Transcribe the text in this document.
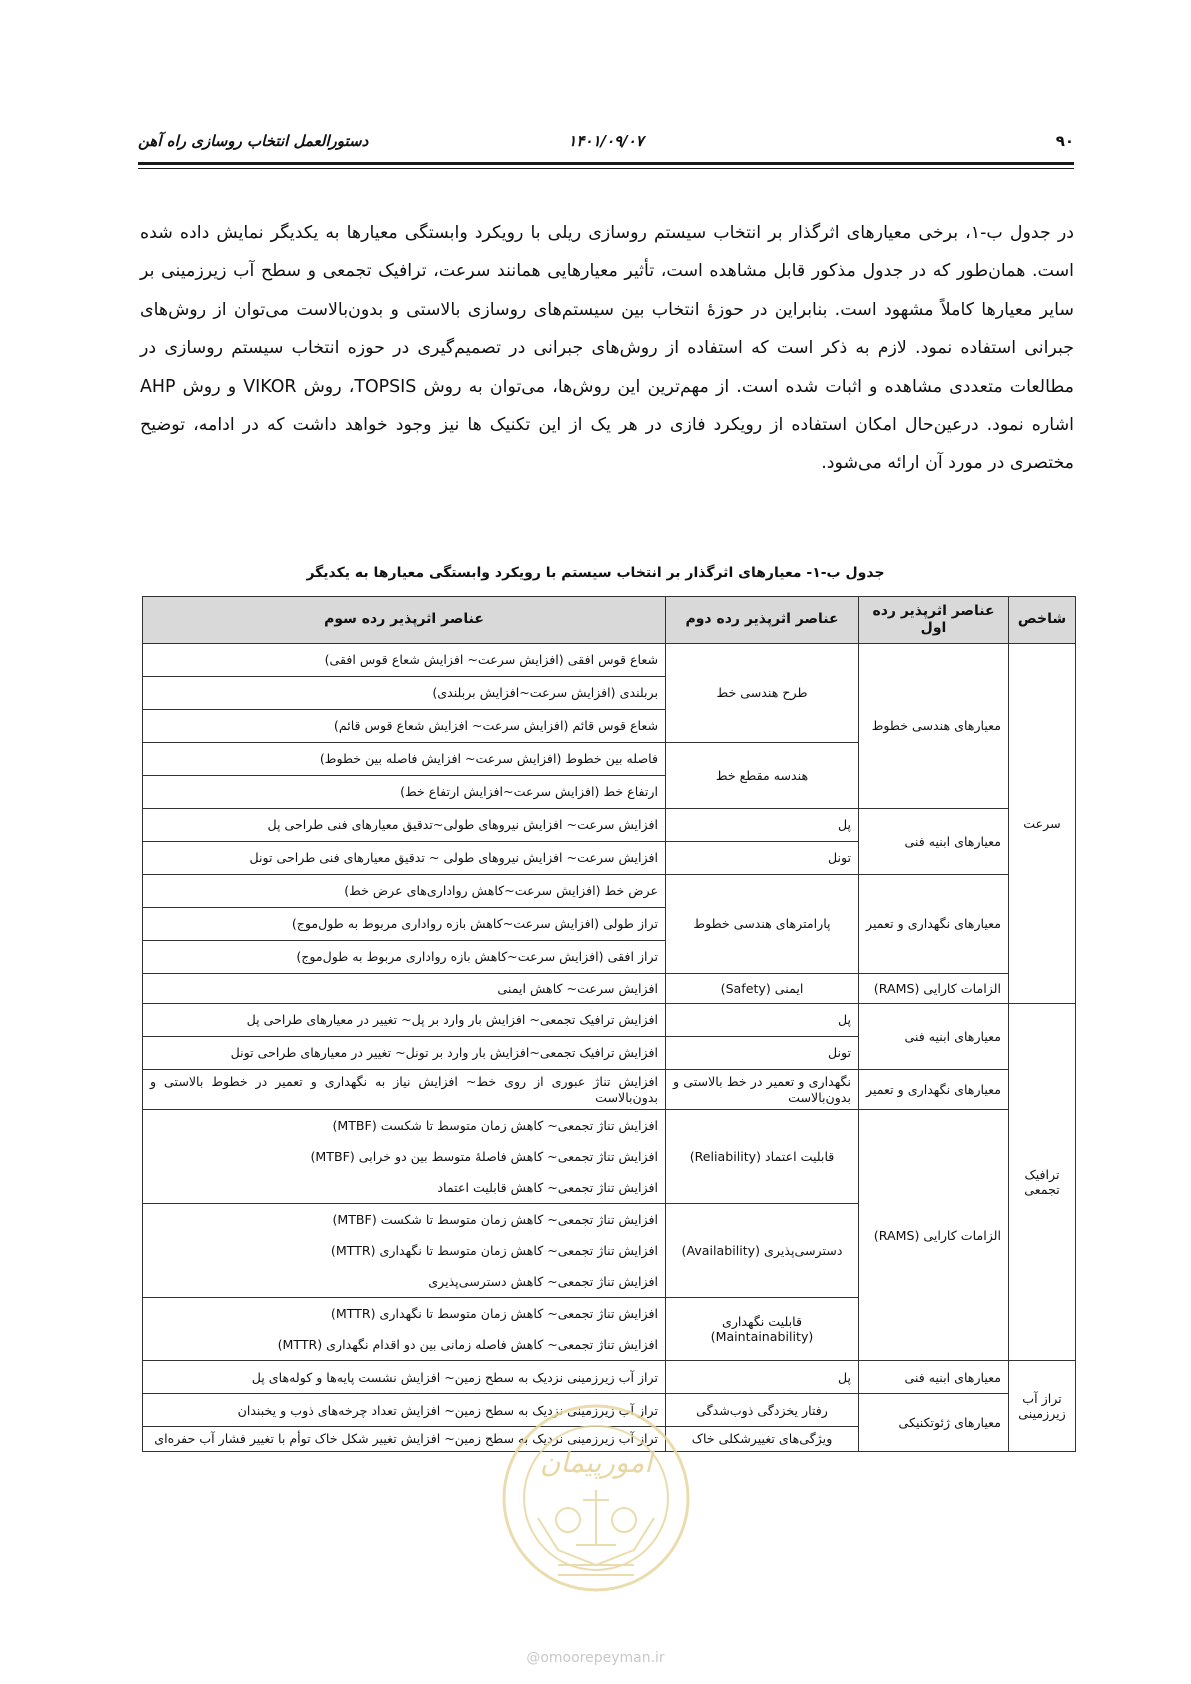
۹۰
۱۴۰۱/۰۹/۰۷
دستورالعمل انتخاب روسازی راه آهن

در جدول ب-۱، برخی معیارهای اثرگذار بر انتخاب سیستم روسازی ریلی با رویکرد وابستگی معیارها به یکدیگر نمایش داده شده است. همان‌طور که در جدول مذکور قابل مشاهده است، تأثیر معیارهایی همانند سرعت، ترافیک تجمعی و سطح آب زیرزمینی بر سایر معیارها کاملاً مشهود است. بنابراین در حوزهٔ انتخاب بین سیستم‌های روسازی بالاستی و بدون‌بالاست می‌توان از روش‌های جبرانی استفاده نمود. لازم به ذکر است که استفاده از روش‌های جبرانی در تصمیم‌گیری در حوزه انتخاب سیستم روسازی در مطالعات متعددی مشاهده و اثبات شده است. از مهم‌ترین این روش‌ها، می‌توان به روش TOPSIS، روش VIKOR و روش AHP اشاره نمود. درعین‌حال امکان استفاده از رویکرد فازی در هر یک از این تکنیک ها نیز وجود خواهد داشت که در ادامه، توضیح مختصری در مورد آن ارائه می‌شود.

جدول ب-۱- معیارهای اثرگذار بر انتخاب سیستم با رویکرد وابستگی معیارها به یکدیگر
شاخص	عناصر اثرپذیر رده اول	عناصر اثرپذیر رده دوم	عناصر اثرپذیر رده سوم
سرعت	معیارهای هندسی خطوط	طرح هندسی خط	شعاع قوس افقی (افزایش سرعت~ افزایش شعاع قوس افقی)
			بربلندی (افزایش سرعت~افزایش بربلندی)
			شعاع قوس قائم (افزایش سرعت~ افزایش شعاع قوس قائم)
		هندسه مقطع خط	فاصله بین خطوط (افزایش سرعت~ افزایش فاصله بین خطوط)
			ارتفاع خط (افزایش سرعت~افزایش ارتفاع خط)
	معیارهای ابنیه فنی	پل	افزایش سرعت~ افزایش نیروهای طولی~تدقیق معیارهای فنی طراحی پل
		تونل	افزایش سرعت~ افزایش نیروهای طولی ~ تدقیق معیارهای فنی طراحی تونل
	معیارهای نگهداری و تعمیر	پارامترهای هندسی خطوط	عرض خط (افزایش سرعت~کاهش رواداری‌های عرض خط)
			تراز طولی (افزایش سرعت~کاهش بازه رواداری مربوط به طول‌موج)
			تراز افقی (افزایش سرعت~کاهش بازه رواداری مربوط به طول‌موج)
	الزامات کارایی (RAMS)	ایمنی (Safety)	افزایش سرعت~ کاهش ایمنی
ترافیک تجمعی	معیارهای ابنیه فنی	پل	افزایش ترافیک تجمعی~ افزایش بار وارد بر پل~ تغییر در معیارهای طراحی پل
		تونل	افزایش ترافیک تجمعی~افزایش بار وارد بر تونل~ تغییر در معیارهای طراحی تونل
	معیارهای نگهداری و تعمیر	نگهداری و تعمیر در خط بالاستی و بدون‌بالاست	افزایش تناژ عبوری از روی خط~ افزایش نیاز به نگهداری و تعمیر در خطوط بالاستی و بدون‌بالاست
	الزامات کارایی (RAMS)	قابلیت اعتماد (Reliability)	افزایش تناژ تجمعی~ کاهش زمان متوسط تا شکست (MTBF)
			افزایش تناژ تجمعی~ کاهش فاصلهٔ متوسط بین دو خرابی (MTBF)
			افزایش تناژ تجمعی~ کاهش قابلیت اعتماد
		دسترسی‌پذیری (Availability)	افزایش تناژ تجمعی~ کاهش زمان متوسط تا شکست (MTBF)
			افزایش تناژ تجمعی~ کاهش زمان متوسط تا نگهداری (MTTR)
			افزایش تناژ تجمعی~ کاهش دسترسی‌پذیری
		قابلیت نگهداری (Maintainability)	افزایش تناژ تجمعی~ کاهش زمان متوسط تا نگهداری (MTTR)
			افزایش تناژ تجمعی~ کاهش فاصله زمانی بین دو اقدام نگهداری (MTTR)
تراز آب زیرزمینی	معیارهای ابنیه فنی	پل	تراز آب زیرزمینی نزدیک به سطح زمین~ افزایش نشست پایه‌ها و کوله‌های پل
	معیارهای ژئوتکنیکی	رفتار یخزدگی ذوب‌شدگی	تراز آب زیرزمینی نزدیک به سطح زمین~ افزایش تعداد چرخه‌های ذوب و یخبندان
		ویژگی‌های تغییرشکلی خاک	تراز آب زیرزمینی نزدیک به سطح زمین~ افزایش تغییر شکل خاک توأم با تغییر فشار آب حفره‌ای
امورپیمان
@omoorepeyman.ir
